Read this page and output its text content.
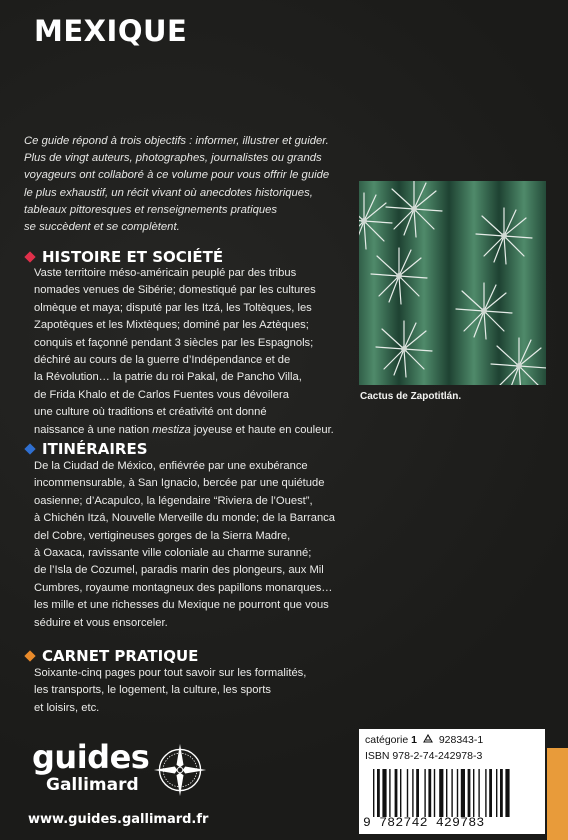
MEXIQUE
Ce guide répond à trois objectifs : informer, illustrer et guider.
Plus de vingt auteurs, photographes, journalistes ou grands
voyageurs ont collaboré à ce volume pour vous offrir le guide
le plus exhaustif, un récit vivant où anecdotes historiques,
tableaux pittoresques et renseignements pratiques
se succèdent et se complètent.
Cactus de Zapotitlán.
HISTOIRE ET SOCIÉTÉ
Vaste territoire méso-américain peuplé par des tribus
nomades venues de Sibérie; domestiqué par les cultures
olmèque et maya; disputé par les Itzá, les Toltèques, les
Zapotèques et les Mixtèques; dominé par les Aztèques;
conquis et façonné pendant 3 siècles par les Espagnols;
déchiré au cours de la guerre d’Indépendance et de
la Révolution… la patrie du roi Pakal, de Pancho Villa,
de Frida Khalo et de Carlos Fuentes vous dévoilera
une culture où traditions et créativité ont donné
naissance à une nation mestiza joyeuse et haute en couleur.
ITINÉRAIRES
De la Ciudad de México, enfiévrée par une exubérance
incommensurable, à San Ignacio, bercée par une quiétude
oasienne; d’Acapulco, la légendaire “Riviera de l’Ouest”,
à Chichén Itzá, Nouvelle Merveille du monde; de la Barranca
del Cobre, vertigineuses gorges de la Sierra Madre,
à Oaxaca, ravissante ville coloniale au charme suranné;
de l’Isla de Cozumel, paradis marin des plongeurs, aux Mil
Cumbres, royaume montagneux des papillons monarques…
les mille et une richesses du Mexique ne pourront que vous
séduire et vous ensorceler.
CARNET PRATIQUE
Soixante-cinq pages pour tout savoir sur les formalités,
les transports, le logement, la culture, les sports
et loisirs, etc.
guides
Gallimard
www.guides.gallimard.fr
catégorie 1 928343-1
ISBN 978-2-74-242978-3
9 782742 429783
